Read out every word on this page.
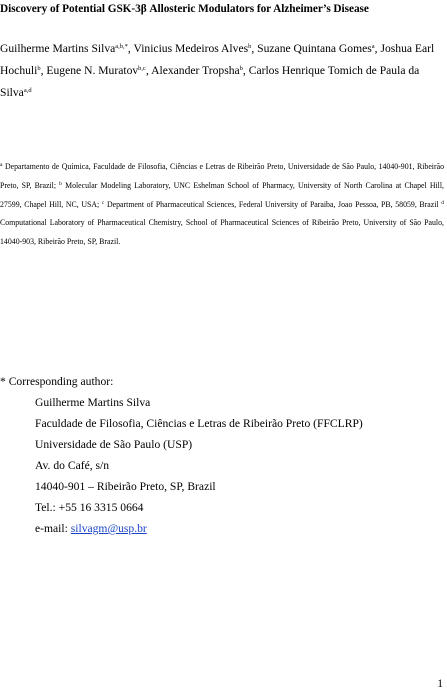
Discovery of Potential GSK-3β Allosteric Modulators for Alzheimer’s Disease
Guilherme Martins Silva$^{a,b,*}$, Vinicius Medeiros Alves$^b$, Suzane Quintana Gomes$^a$, Joshua Earl Hochuli$^b$, Eugene N. Muratov$^{b,c}$, Alexander Tropsha$^b$, Carlos Henrique Tomich de Paula da Silva$^{a,d}$
$^a$ Departamento de Química, Faculdade de Filosofia, Ciências e Letras de Ribeirão Preto, Universidade de São Paulo, 14040-901, Ribeirão Preto, SP, Brazil; $^b$ Molecular Modeling Laboratory, UNC Eshelman School of Pharmacy, University of North Carolina at Chapel Hill, 27599, Chapel Hill, NC, USA; $^c$ Department of Pharmaceutical Sciences, Federal University of Paraiba, Joao Pessoa, PB, 58059, Brazil $^d$ Computational Laboratory of Pharmaceutical Chemistry, School of Pharmaceutical Sciences of Ribeirão Preto, University of São Paulo, 14040-903, Ribeirão Preto, SP, Brazil.
* Corresponding author:
Guilherme Martins Silva
Faculdade de Filosofia, Ciências e Letras de Ribeirão Preto (FFCLRP)
Universidade de São Paulo (USP)
Av. do Café, s/n
14040-901 – Ribeirão Preto, SP, Brazil
Tel.: +55 16 3315 0664
e-mail: silvagm@usp.br
1
